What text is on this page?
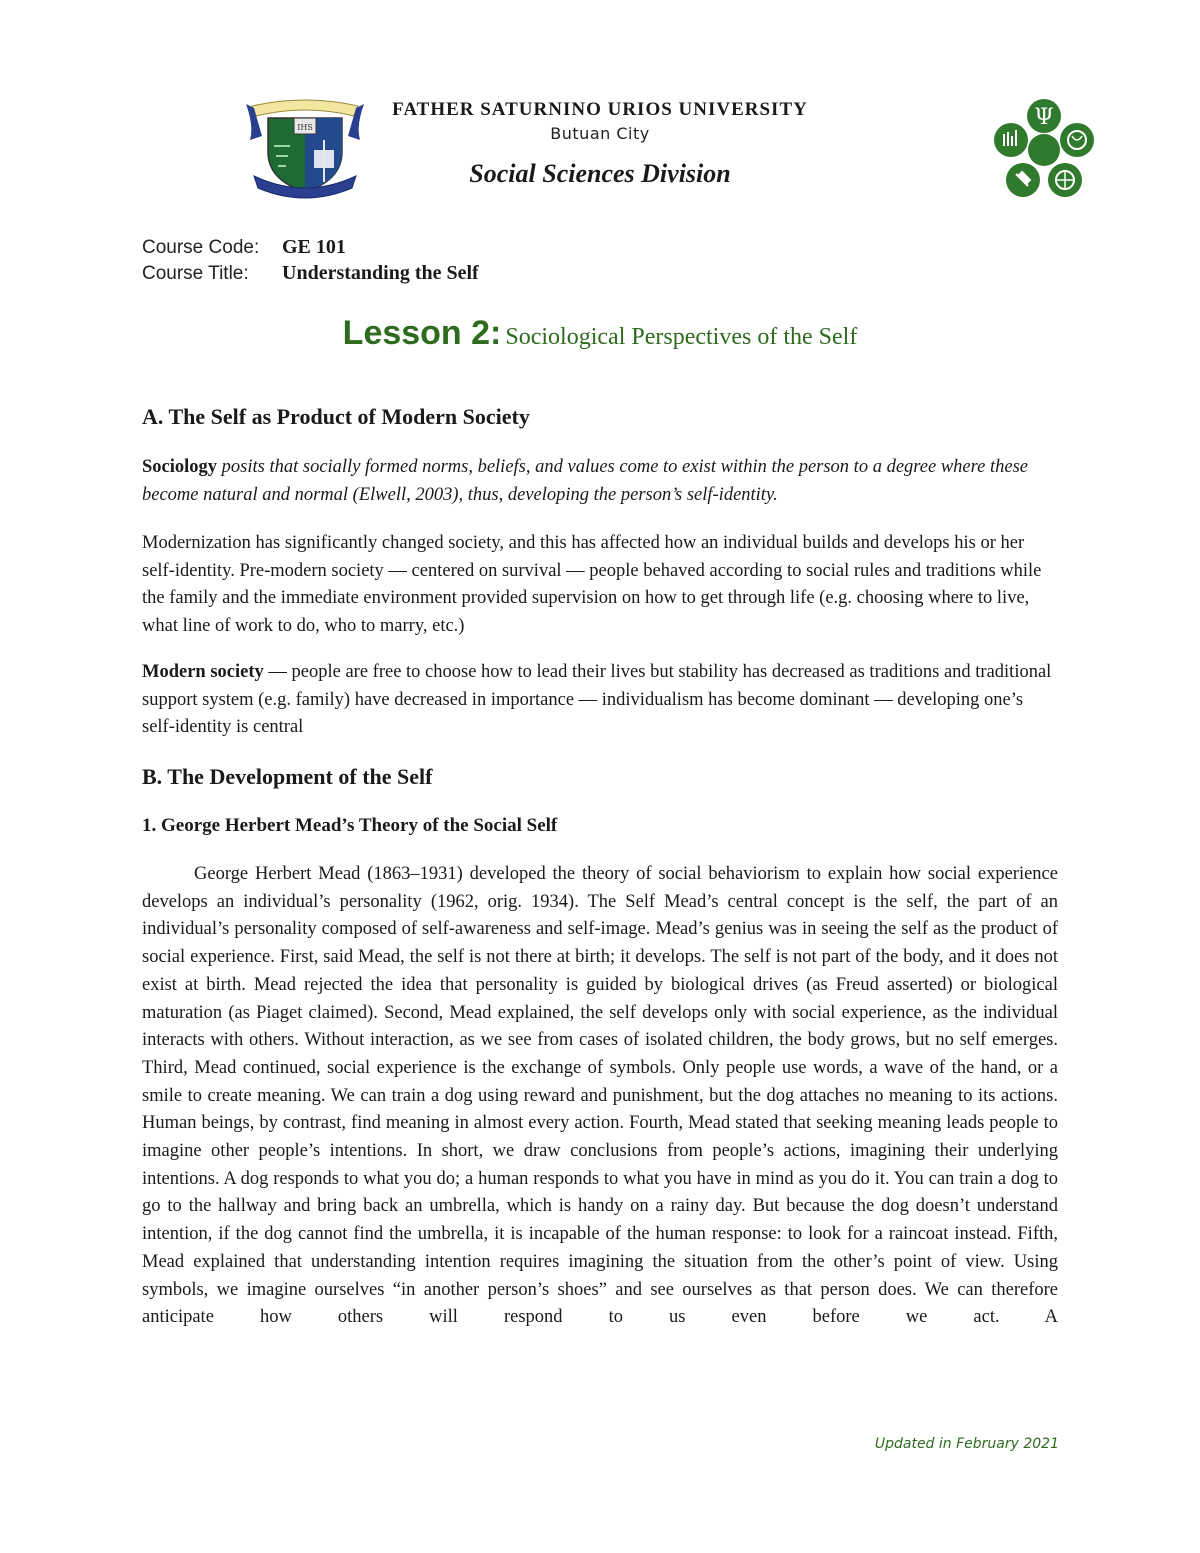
IHS
FATHER SATURNINO URIOS UNIVERSITY
Butuan City
Social Sciences Division
Ψ
Course Code: GE 101
Course Title: Understanding the Self
Lesson 2: Sociological Perspectives of the Self
A. The Self as Product of Modern Society
Sociology posits that socially formed norms, beliefs, and values come to exist within the person to a degree where these become natural and normal (Elwell, 2003), thus, developing the person’s self-identity.
Modernization has significantly changed society, and this has affected how an individual builds and develops his or her self-identity. Pre-modern society — centered on survival — people behaved according to social rules and traditions while the family and the immediate environment provided supervision on how to get through life (e.g. choosing where to live, what line of work to do, who to marry, etc.)
Modern society — people are free to choose how to lead their lives but stability has decreased as traditions and traditional support system (e.g. family) have decreased in importance — individualism has become dominant — developing one’s self-identity is central
B. The Development of the Self
1. George Herbert Mead’s Theory of the Social Self
George Herbert Mead (1863–1931) developed the theory of social behaviorism to explain how social experience develops an individual’s personality (1962, orig. 1934). The Self Mead’s central concept is the self, the part of an individual’s personality composed of self-awareness and self-image. Mead’s genius was in seeing the self as the product of social experience. First, said Mead, the self is not there at birth; it develops. The self is not part of the body, and it does not exist at birth. Mead rejected the idea that personality is guided by biological drives (as Freud asserted) or biological maturation (as Piaget claimed). Second, Mead explained, the self develops only with social experience, as the individual interacts with others. Without interaction, as we see from cases of isolated children, the body grows, but no self emerges. Third, Mead continued, social experience is the exchange of symbols. Only people use words, a wave of the hand, or a smile to create meaning. We can train a dog using reward and punishment, but the dog attaches no meaning to its actions. Human beings, by contrast, find meaning in almost every action. Fourth, Mead stated that seeking meaning leads people to imagine other people’s intentions. In short, we draw conclusions from people’s actions, imagining their underlying intentions. A dog responds to what you do; a human responds to what you have in mind as you do it. You can train a dog to go to the hallway and bring back an umbrella, which is handy on a rainy day. But because the dog doesn’t understand intention, if the dog cannot find the umbrella, it is incapable of the human response: to look for a raincoat instead. Fifth, Mead explained that understanding intention requires imagining the situation from the other’s point of view. Using symbols, we imagine ourselves “in another person’s shoes” and see ourselves as that person does. We can therefore anticipate how others will respond to us even before we act. A
Updated in February 2021
